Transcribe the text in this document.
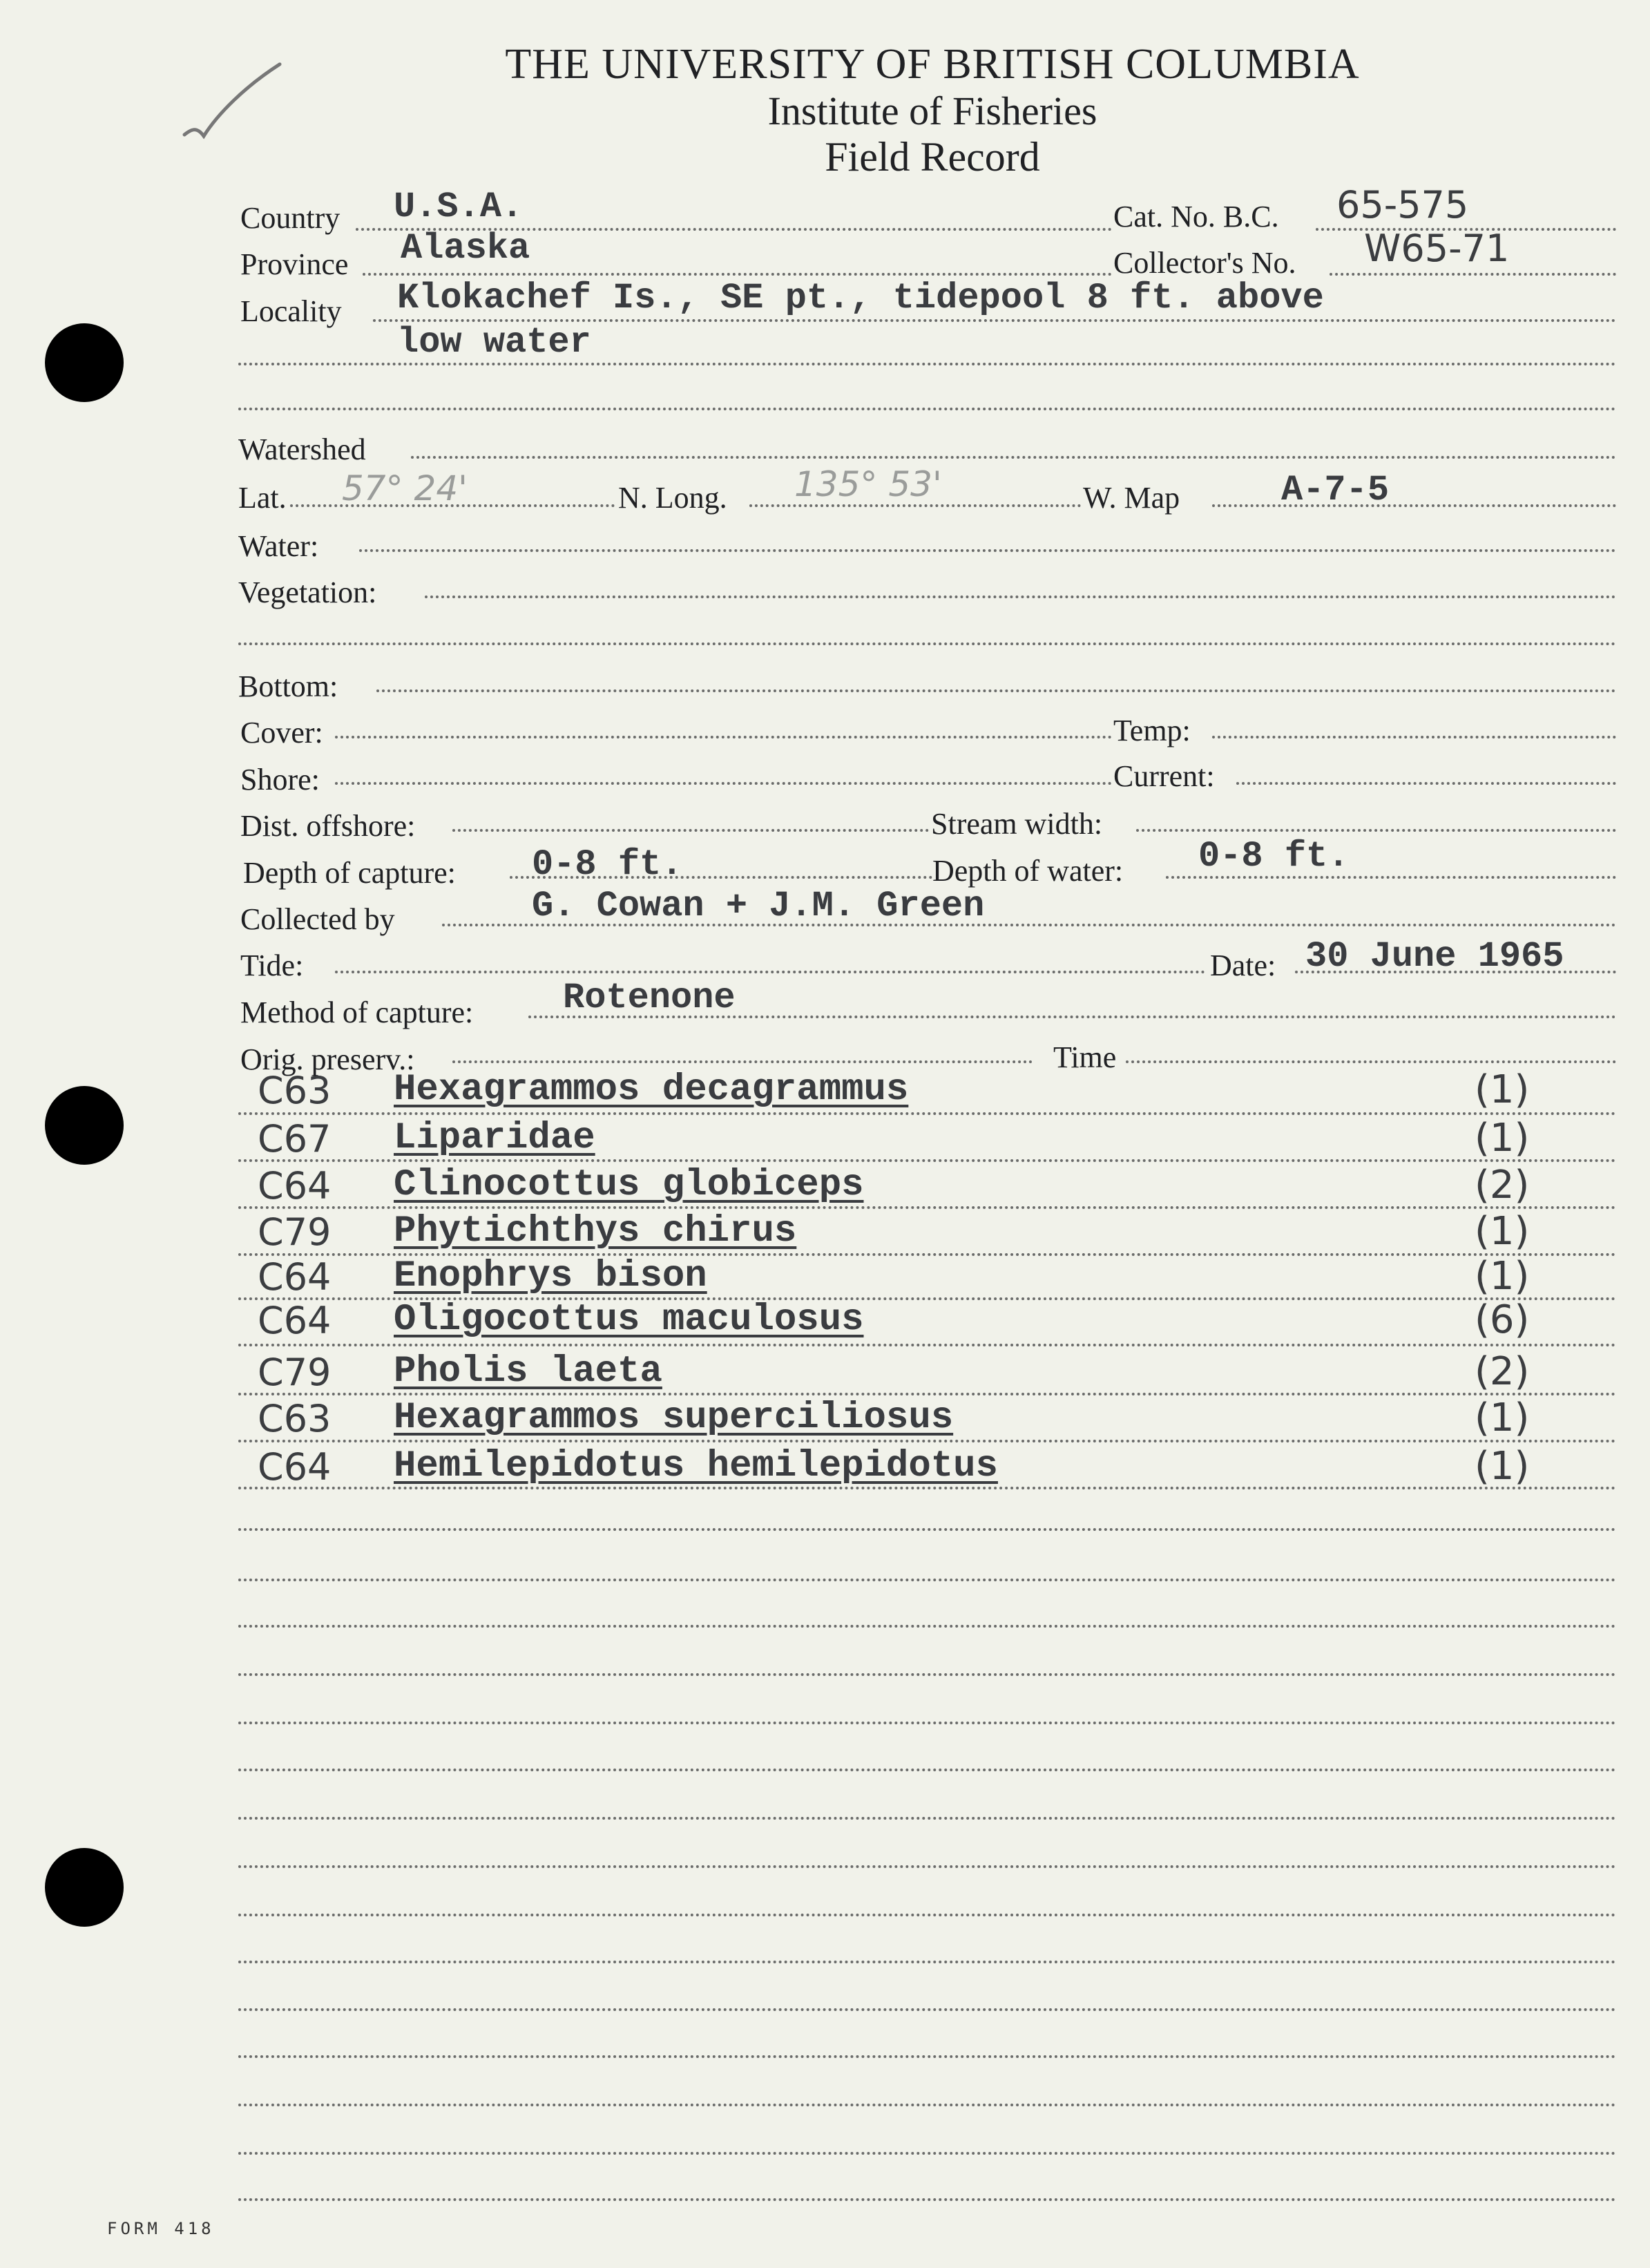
THE UNIVERSITY OF BRITISH COLUMBIA
Institute of Fisheries
Field Record
Country U.S.A.	Cat. No. B.C. 65-575
Province Alaska	Collector's No. W65-71
Locality Klokachef Is., SE pt., tidepool 8 ft. above
low water
Watershed
Lat. 57° 24'	N. Long. 135° 53'	W. Map	A-7-5
Water:
Vegetation:
Bottom:
Cover:	Temp:
Shore:	Current:
Dist. offshore:	Stream width:
Depth of capture: 0-8 ft.	Depth of water: 0-8 ft.
Collected by	G. Cowan + J.M. Green
Tide:	Date: 30 June 1965
Method of capture: Rotenone
Orig. preserv.:	Time
C63 Hexagrammos decagrammus	(1)
C67 Liparidae	(1)
C64 Clinocottus globiceps	(2)
C79 Phytichthys chirus	(1)
C64 Enophrys bison	(1)
C64 Oligocottus maculosus	(6)
C79 Pholis laeta	(2)
C63 Hexagrammos superciliosus	(1)
C64 Hemilepidotus hemilepidotus	(1)
FORM 418
